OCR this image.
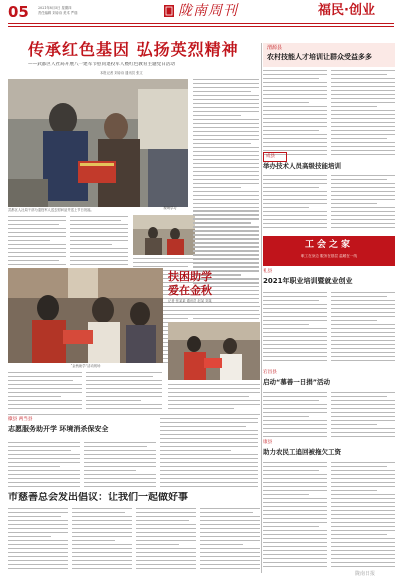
05	2021年8月5日 星期四
责任编辑 刘诗诗 美术 严瑞	陇南周刊	福民·创业
传承红色基因 弘扬英烈精神
——武都区人社局开展八一建军节慰问退役军人暨红色教育主题党日活动
本报记者 刘诗诗 通讯员 张文
武都区人社局干部为退役军人送去慰问品并送上节日祝福。	现场学习
渭源县
农村技能人才培训让群众受益多多
成县
举办技术人员高级技能培训
工会之家
职工在身边 服务在基层 温暖在一线
扶困助学
爱在金秋
记者 张某某 通讯员 赵某 刘某
“金秋助学”活动现场
礼县
2021年职业培训暨就业创业
宕昌县
启动“慕善一日捐”活动
康县
助力农民工追回被拖欠工资
徽县 两当县
志愿服务助开学 环境消杀保安全
市慈善总会发出倡议：让我们一起做好事
陇南日报
